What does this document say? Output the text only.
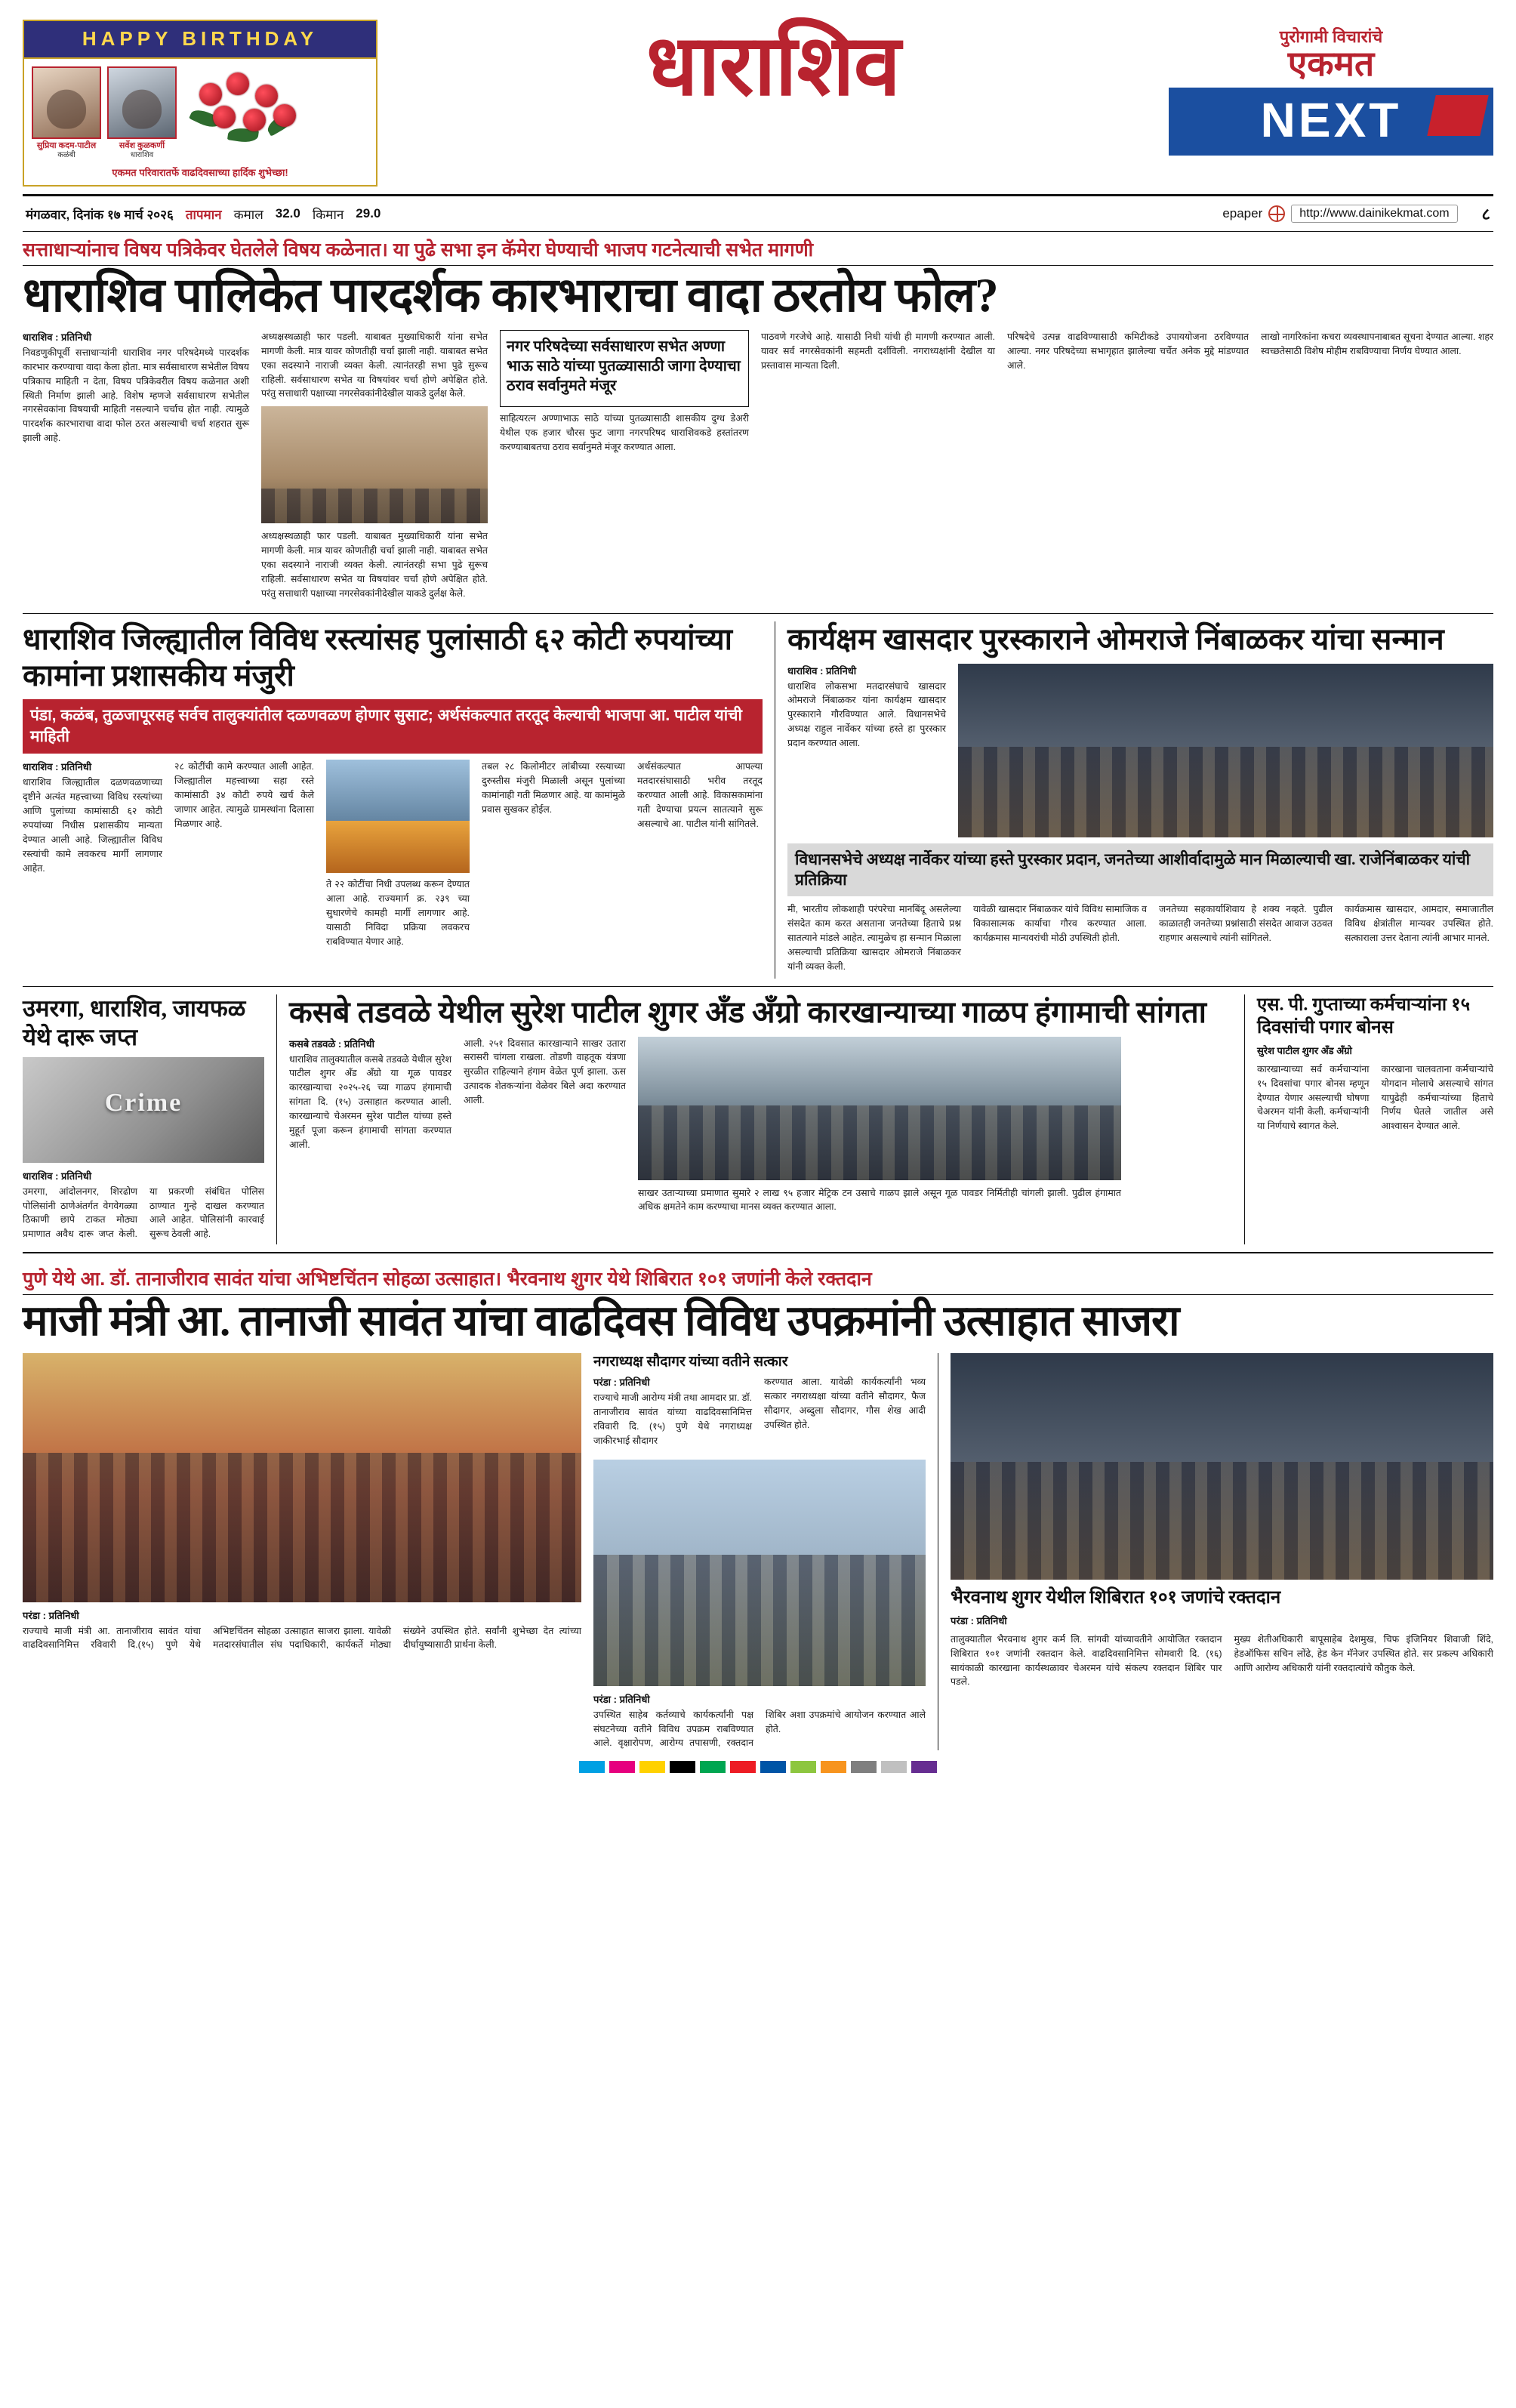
HAPPY BIRTHDAY
सुप्रिया कदम-पाटील
कळंबी
सर्वेश कुळकर्णी
धाराशिव
एकमत परिवारातर्फे वाढदिवसाच्या हार्दिक शुभेच्छा!
धाराशिव	पुरोगामी विचारांचे
एकमत
NEXT
मंगळवार, दिनांक १७ मार्च २०२६ तापमान कमाल 32.0 किमान 29.0	epaper	http://www.dainikekmat.com	८
सत्ताधाऱ्यांनाच विषय पत्रिकेवर घेतलेले विषय कळेनात। या पुढे सभा इन कॅमेरा घेण्याची भाजप गटनेत्याची सभेत मागणी
धाराशिव पालिकेत पारदर्शक कारभाराचा वादा ठरतोय फोल?
धाराशिव : प्रतिनिधी

निवडणुकीपूर्वी सत्ताधाऱ्यांनी धाराशिव नगर परिषदेमध्ये पारदर्शक कारभार करण्याचा वादा केला होता. मात्र सर्वसाधारण सभेतील विषय पत्रिकाच माहिती न देता, विषय पत्रिकेवरील विषय कळेनात अशी स्थिती निर्माण झाली आहे. विशेष म्हणजे सर्वसाधारण सभेतील नगरसेवकांना विषयाची माहिती नसल्याने चर्चाच होत नाही. त्यामुळे पारदर्शक कारभाराचा वादा फोल ठरत असल्याची चर्चा शहरात सुरू झाली आहे.

अध्यक्षस्थळाही फार पडली. याबाबत मुख्याधिकारी यांना सभेत मागणी केली. मात्र यावर कोणतीही चर्चा झाली नाही. याबाबत सभेत एका सदस्याने नाराजी व्यक्त केली. त्यानंतरही सभा पुढे सुरूच राहिली. सर्वसाधारण सभेत या विषयांवर चर्चा होणे अपेक्षित होते. परंतु सत्ताधारी पक्षाच्या नगरसेवकांनीदेखील याकडे दुर्लक्ष केले.

अध्यक्षस्थळाही फार पडली. याबाबत मुख्याधिकारी यांना सभेत मागणी केली. मात्र यावर कोणतीही चर्चा झाली नाही. याबाबत सभेत एका सदस्याने नाराजी व्यक्त केली. त्यानंतरही सभा पुढे सुरूच राहिली. सर्वसाधारण सभेत या विषयांवर चर्चा होणे अपेक्षित होते. परंतु सत्ताधारी पक्षाच्या नगरसेवकांनीदेखील याकडे दुर्लक्ष केले.

नगर परिषदेच्या सर्वसाधारण सभेत अण्णा भाऊ साठे यांच्या पुतळ्यासाठी जागा देण्याचा ठराव सर्वानुमते मंजूर

साहित्यरत्न अण्णाभाऊ साठे यांच्या पुतळ्यासाठी शासकीय दुग्ध डेअरी येथील एक हजार चौरस फुट जागा नगरपरिषद धाराशिवकडे हस्तांतरण करण्याबाबतचा ठराव सर्वानुमते मंजूर करण्यात आला.

पाठवणे गरजेचे आहे. यासाठी निधी यांची ही मागणी करण्यात आली. यावर सर्व नगरसेवकांनी सहमती दर्शविली. नगराध्यक्षांनी देखील या प्रस्तावास मान्यता दिली.

परिषदेचे उत्पन्न वाढविण्यासाठी कमिटीकडे उपाययोजना ठरविण्यात आल्या. नगर परिषदेच्या सभागृहात झालेल्या चर्चेत अनेक मुद्दे मांडण्यात आले.

लाखो नागरिकांना कचरा व्यवस्थापनाबाबत सूचना देण्यात आल्या. शहर स्वच्छतेसाठी विशेष मोहीम राबविण्याचा निर्णय घेण्यात आला.

धाराशिव जिल्ह्यातील विविध रस्त्यांसह पुलांसाठी ६२ कोटी रुपयांच्या कामांना प्रशासकीय मंजुरी
पंडा, कळंब, तुळजापूरसह सर्वच तालुक्यांतील दळणवळण होणार सुसाट; अर्थसंकल्पात तरतूद केल्याची भाजपा आ. पाटील यांची माहिती
धाराशिव : प्रतिनिधी

धाराशिव जिल्ह्यातील दळणवळणाच्या दृष्टीने अत्यंत महत्त्वाच्या विविध रस्त्यांच्या आणि पुलांच्या कामांसाठी ६२ कोटी रुपयांच्या निधीस प्रशासकीय मान्यता देण्यात आली आहे. जिल्ह्यातील विविध रस्त्यांची कामे लवकरच मार्गी लागणार आहेत.

२८ कोटींची कामे करण्यात आली आहेत. जिल्ह्यातील महत्त्वाच्या सहा रस्ते कामांसाठी ३४ कोटी रुपये खर्च केले जाणार आहेत. त्यामुळे ग्रामस्थांना दिलासा मिळणार आहे.

ते २२ कोटींचा निधी उपलब्ध करून देण्यात आला आहे. राज्यमार्ग क्र. २३९ च्या सुधारणेचे कामही मार्गी लागणार आहे. यासाठी निविदा प्रक्रिया लवकरच राबविण्यात येणार आहे.

तबल २८ किलोमीटर लांबीच्या रस्त्याच्या दुरुस्तीस मंजुरी मिळाली असून पुलांच्या कामांनाही गती मिळणार आहे. या कामांमुळे प्रवास सुखकर होईल.

अर्थसंकल्पात आपल्या मतदारसंघासाठी भरीव तरतूद करण्यात आली आहे. विकासकामांना गती देण्याचा प्रयत्न सातत्याने सुरू असल्याचे आ. पाटील यांनी सांगितले.

कार्यक्षम खासदार पुरस्काराने ओमराजे निंबाळकर यांचा सन्मान
धाराशिव : प्रतिनिधी

धाराशिव लोकसभा मतदारसंघाचे खासदार ओमराजे निंबाळकर यांना कार्यक्षम खासदार पुरस्काराने गौरविण्यात आले. विधानसभेचे अध्यक्ष राहुल नार्वेकर यांच्या हस्ते हा पुरस्कार प्रदान करण्यात आला.

विधानसभेचे अध्यक्ष नार्वेकर यांच्या हस्ते पुरस्कार प्रदान, जनतेच्या आशीर्वादामुळे मान मिळाल्याची खा. राजेनिंबाळकर यांची प्रतिक्रिया

मी, भारतीय लोकशाही परंपरेचा मानबिंदू असलेल्या संसदेत काम करत असताना जनतेच्या हिताचे प्रश्न सातत्याने मांडले आहेत. त्यामुळेच हा सन्मान मिळाला असल्याची प्रतिक्रिया खासदार ओमराजे निंबाळकर यांनी व्यक्त केली.

यावेळी खासदार निंबाळकर यांचे विविध सामाजिक व विकासात्मक कार्याचा गौरव करण्यात आला. कार्यक्रमास मान्यवरांची मोठी उपस्थिती होती.

जनतेच्या सहकार्याशिवाय हे शक्य नव्हते. पुढील काळातही जनतेच्या प्रश्नांसाठी संसदेत आवाज उठवत राहणार असल्याचे त्यांनी सांगितले.

कार्यक्रमास खासदार, आमदार, समाजातील विविध क्षेत्रांतील मान्यवर उपस्थित होते. सत्काराला उत्तर देताना त्यांनी आभार मानले.

उमरगा, धाराशिव, जायफळ येथे दारू जप्त
Crime
धाराशिव : प्रतिनिधी

उमरगा, आंदोलनगर, शिरढोण पोलिसांनी ठाणेअंतर्गत वेगवेगळ्या ठिकाणी छापे टाकत मोठ्या प्रमाणात अवैध दारू जप्त केली. या प्रकरणी संबंधित पोलिस ठाण्यात गुन्हे दाखल करण्यात आले आहेत. पोलिसांनी कारवाई सुरूच ठेवली आहे.

कसबे तडवळे येथील सुरेश पाटील शुगर अँड अँग्रो कारखान्याच्या गाळप हंगामाची सांगता
कसबे तडवळे : प्रतिनिधी

धाराशिव तालुक्यातील कसबे तडवळे येथील सुरेश पाटील शुगर अँड अँग्रो या गूळ पावडर कारखान्याचा २०२५-२६ च्या गाळप हंगामाची सांगता दि. (१५) उत्साहात करण्यात आली. कारखान्याचे चेअरमन सुरेश पाटील यांच्या हस्ते मुहूर्त पूजा करून हंगामाची सांगता करण्यात आली.

आली. २५१ दिवसात कारखान्याने साखर उतारा सरासरी चांगला राखला. तोडणी वाहतूक यंत्रणा सुरळीत राहिल्याने हंगाम वेळेत पूर्ण झाला. ऊस उत्पादक शेतकऱ्यांना वेळेवर बिले अदा करण्यात आली.

साखर उताऱ्याच्या प्रमाणात सुमारे २ लाख ९५ हजार मेट्रिक टन उसाचे गाळप झाले असून गूळ पावडर निर्मितीही चांगली झाली. पुढील हंगामात अधिक क्षमतेने काम करण्याचा मानस व्यक्त करण्यात आला.

एस. पी. गुप्ताच्या कर्मचाऱ्यांना १५ दिवसांची पगार बोनस
सुरेश पाटील शुगर अँड अँग्रो

कारखान्याच्या सर्व कर्मचाऱ्यांना १५ दिवसांचा पगार बोनस म्हणून देण्यात येणार असल्याची घोषणा चेअरमन यांनी केली. कर्मचाऱ्यांनी या निर्णयाचे स्वागत केले.

कारखाना चालवताना कर्मचाऱ्यांचे योगदान मोलाचे असल्याचे सांगत यापुढेही कर्मचाऱ्यांच्या हिताचे निर्णय घेतले जातील असे आश्वासन देण्यात आले.

पुणे येथे आ. डॉ. तानाजीराव सावंत यांचा अभिष्टचिंतन सोहळा उत्साहात। भैरवनाथ शुगर येथे शिबिरात १०१ जणांनी केले रक्तदान
माजी मंत्री आ. तानाजी सावंत यांचा वाढदिवस विविध उपक्रमांनी उत्साहात साजरा
परंडा : प्रतिनिधी

राज्याचे माजी मंत्री आ. तानाजीराव सावंत यांचा वाढदिवसानिमित्त रविवारी दि.(१५) पुणे येथे अभिष्टचिंतन सोहळा उत्साहात साजरा झाला. यावेळी मतदारसंघातील संघ पदाधिकारी, कार्यकर्ते मोठ्या संख्येने उपस्थित होते. सर्वांनी शुभेच्छा देत त्यांच्या दीर्घायुष्यासाठी प्रार्थना केली.

नगराध्यक्ष सौदागर यांच्या वतीने सत्कार
परंडा : प्रतिनिधी

राज्याचे माजी आरोग्य मंत्री तथा आमदार प्रा. डॉ. तानाजीराव सावंत यांच्या वाढदिवसानिमित्त रविवारी दि. (१५) पुणे येथे नगराध्यक्ष जाकीरभाई सौदागर

करण्यात आला. यावेळी कार्यकर्त्यांनी भव्य सत्कार नगराध्यक्षा यांच्या वतीने सौदागर, फैज सौदागर, अब्दुला सौदागर, गौस शेख आदी उपस्थित होते.

परंडा : प्रतिनिधी

उपस्थित साहेब कर्तव्याचे कार्यकर्त्यांनी पक्ष संघटनेच्या वतीने विविध उपक्रम राबविण्यात आले. वृक्षारोपण, आरोग्य तपासणी, रक्तदान शिबिर अशा उपक्रमांचे आयोजन करण्यात आले होते.

भैरवनाथ शुगर येथील शिबिरात १०१ जणांचे रक्तदान
परंडा : प्रतिनिधी

तालुक्यातील भैरवनाथ शुगर कर्म लि. सांगवी यांच्यावतीने आयोजित रक्तदान शिबिरात १०१ जणांनी रक्तदान केले. वाढदिवसानिमित्त सोमवारी दि. (१६) सायंकाळी कारखाना कार्यस्थळावर चेअरमन यांचे संकल्प रक्तदान शिबिर पार पडले.

मुख्य शेतीअधिकारी बापूसाहेब देशमुख, चिफ इंजिनियर शिवाजी शिंदे, हेडऑफिस सचिन लोंढे, हेड केन मॅनेजर उपस्थित होते. सर प्रकल्प अधिकारी आणि आरोग्य अधिकारी यांनी रक्तदात्यांचे कौतुक केले.
